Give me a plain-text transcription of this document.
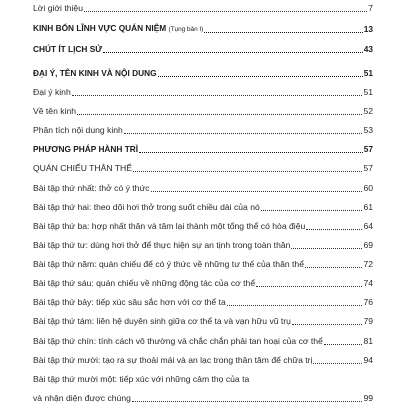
Lời giới thiệu	7
KINH BỐN LĨNH VỰC QUÁN NIỆM (Tụng bản I)	13
CHÚT ÍT LỊCH SỬ	43
ĐẠI Ý, TÊN KINH VÀ NỘI DUNG	51
Đại ý kinh	51
Về tên kinh	52
Phân tích nội dung kinh	53
PHƯƠNG PHÁP HÀNH TRÌ	57
QUÁN CHIẾU THÂN THỂ	57
Bài tập thứ nhất: thở có ý thức	60
Bài tập thứ hai: theo dõi hơi thở trong suốt chiều dài của nó	61
Bài tập thứ ba: hợp nhất thân và tâm lại thành một tổng thể có hòa điệu	64
Bài tập thứ tư: dùng hơi thở để thực hiện sự an tịnh trong toàn thân	69
Bài tập thứ năm: quán chiếu để có ý thức về những tư thế của thân thể	72
Bài tập thứ sáu: quán chiếu về những động tác của cơ thể	74
Bài tập thứ bảy: tiếp xúc sâu sắc hơn với cơ thể ta	76
Bài tập thứ tám: liên hệ duyên sinh giữa cơ thể ta và vạn hữu vũ trụ	79
Bài tập thứ chín: tính cách vô thường và chắc chắn phải tan hoại của cơ thể	81
Bài tập thứ mười: tạo ra sự thoải mái và an lạc trong thân tâm để chữa trị	94
Bài tập thứ mười một: tiếp xúc với những cảm thọ của ta
và nhận diện được chúng	99
